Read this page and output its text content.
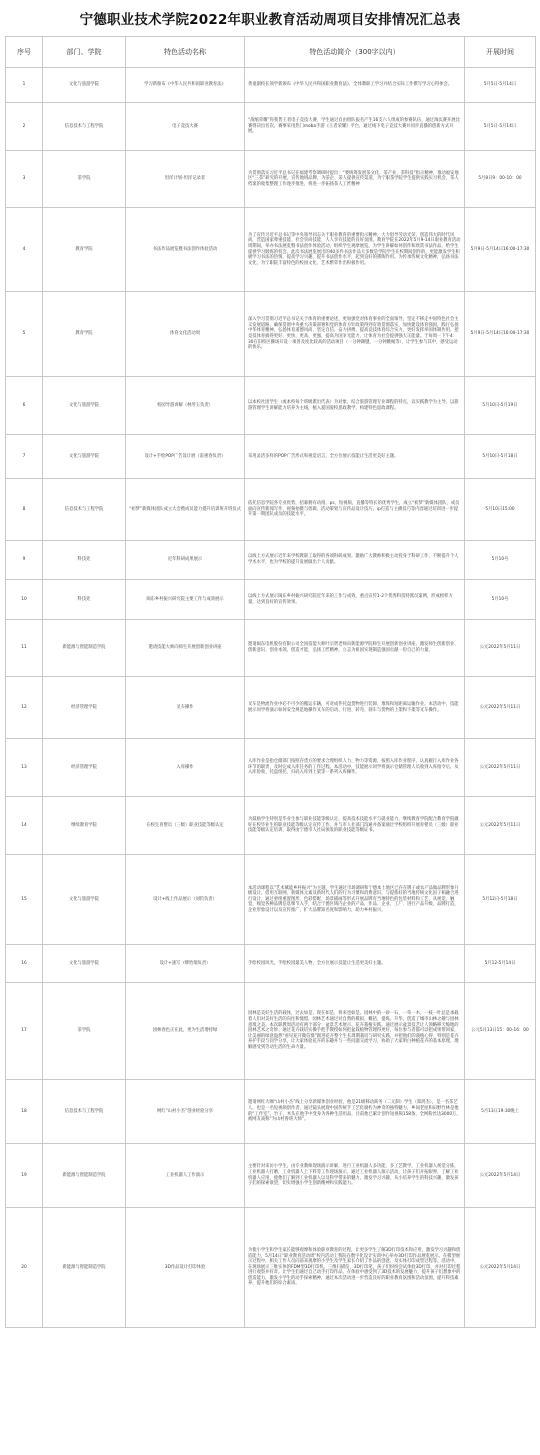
宁德职业技术学院2022年职业教育活动周项目安排情况汇总表
序号	部门、学院	特色活动名称	特色活动简介（300字以内）	开展时间
1	文化与旅游学院	学习新颁布《中华人民共和国职业教育法》	黄童副校长领学新颁布《中华人民共和国职业教育法》，全体教职工学习并结合实际工作撰写学习心得体会。	5月5日-5月14日
2	信息技术与工程学院	电子竞技大赛	“战缩荣耀”你我皆王者电子竞技大赛，学生通过自由组队报名产生16支六人组成的参赛队伍，通过淘汰赛开展比赛得决出名次。赛事采用热门moba手游《王者荣耀》平台，通过线下电子竞技大赛并同步直播的创新方式开展。	5月5日-5月14日
3	茶学院	坦洋计划-坦洋记录者	为贯彻落实习近平总书记在福建考察调研时提出：“要统筹发展茶文化、茶产业、茶科技”指示精神，推动福安地区“三茶”研究的开展，宣传地域品牌，为茶企、茶人提供宣传渠道，为宁职茶学院学生提供实践实习机会，茶人档案的收集整理工作逐步推进，将进一步拓扬茶人工匠精神	5月8日9：00-10：00
4	教育学院	书法作品展览暨书法创作体验活动	为了宣传习近平总书记等中央领导同志关于职业教育的重要指示精神，大力倡导劳动光荣、创造伟大的时代风尚，营造国家尊重技能、社会崇尚技能、人人享有技能的良好氛围。教育学院在2022年5月9-14日职业教育活动周期间，举办书法展览暨书法创作体验活动，组织学生观摩展览，为学生讲解如何创作和欣赏书法作品，给学生提供学习锻炼的机会。此次书法展览展出的40多件书法作品大多数是学院学生在校期间创作的，更能激发学生积极学习书法的热情，提高学习兴趣，提升书法创作水平，起到良好的熏陶作用。为传承传统文化精神，弘扬书法文化，为宁职院丰富特色的校园文化、艺术繁荣作出积极作用。	5月9日-5月14日16:00-17:30
5	教育学院	体育文化活动周	深入学习贯彻习近平总书记关于体育的重要论述，更加强党对体育事业的全面领导，坚定不移走中国特色社会主义发展道路，确保贯彻中央重大决策部署和党的体育方针政策得到有效贯彻落实，加快建设体育强国，践行弘扬中华体育精神，弘扬体育道德风尚，坚定自信，奋力拼搏，提高竞技体育综合实力，更好发挥举国体制作用，把竞技体育搞得更好、更快、更高、更强，提高为国争光能力，让体育为社会提供强大正能量。于每周一下午4：30在旧校区操场开设一项普及度比较高的活动项目（一分钟踢毽、一分钟跳绳等），让学生参与其中，感受运动的快乐。	5月9日-5月14日16:00-17:30
6	文化与旅游学院	校园导游讲解（林琴玉负责）	以本校社团学生（或本校每个班级派出代表）为对象，结合旅游管理专业课程的特点，以实践教学为主导，以旅游管理学生讲解能力培养为主线，植入爱国爱校思政教学，构建特色思政课程。	5月10日-5月19日
7	文化与旅游学院	设计+手绘POP广告设计展（雷惠春负责）	采用灵活多样的POP广告形式和视觉语言，全方位展示技能让生活更美好主题。	5月10日-5月18日
8	信息技术与工程学院	“初梦”新媒体团队成立大会暨成员能力提升培训班开班仪式	依托信息学院各专业优势，招募拥有动漫、ps、短视频、直播等特长的优秀学生，成立“初梦”新媒体团队，成员面向宣传新闻写作、视频拍摄与剪辑、活动策划与宣传品设计技巧、ip打造与主播技巧等内容通过培训进一步提升第一期团队成员的技能水平。	5月10日15:00
9	科技处	近年科研成果展示	以线上方式展示近年来学校教职工取得的各项科研成果。激励广大教师积极主动投身于科研工作，不断提升个人学术水平，也为学校的提升发展做出个人贡献。	5月10号
10	科技处	闽东乡村振兴研究院主要工作与成效展示	以线上方式展示闽东乡村振兴研究院近年来的工作与成效，重点宣传1-2个优秀科技特派员案例，形成榜样力量，达到良好的宣传效果。	5月10号
11	新能源与智能制造学院	邀请技能大师向师生开展创新创业讲座	邀请闽东电机股份有限公司全国技能大师叶宗贤老师向新能源学院师生开展创新创业讲座，激发师生创新创业、创新意识、创业本领，创造才能，弘扬工匠精神，立志为祖国实现制造强国贡献一份自己的力量。	公元2022年5月11日
12	经济管理学院	叉车操作	叉车是物流作业中必不可少的搬运车辆，可对成件托盘货物进行装卸、堆垛和短距离运输作业。本活动中，技能展示同学将演示如何安全规范地操作叉车的启动、行进、转弯、刹车与货物的上架和下架等叉车操作。	公元2022年5月11日
13	经济管理学院	入库操作	入库作业是指仓储部门按照存货方的要求合理组织人力、物力等资源，按照入库作业程序，认真履行入库作业各环节的职责，及时完成入库任务的工作过程。本活动中，技能展示同学将演示仓储管理人员收到入库指令后，从入库验收、托盘组托、扫码入库到上架等一系列入库操作。	公元2022年5月11日
14	继续教育学院	在校生育婴员（三级）职业技能等级认定	为鼓励学生特别是毕业生参与职业技能等级认定，提高技术技能水平与就业能力，继续教育学院配合教育学院做好在校毕业生的职业技能等级认定宣传工作，并与市人社部门沟通并备案通过学校组织开展育婴员（三级）职业技能等级认定培训，取得由宁德市人社局颁发的职业技能等级证书。	公元2022年5月11日
15	文化与旅游学院	设计+线上作品展示（刘钧负责）	本活动课程以“艺术赋能乡村振兴”为主题，学生通过市场调研和宁德本土地区已存在牌子或农产品做品牌形象升级设计，借用互联网、新媒体元素及新时代人们的行为习惯和消费意识，与提炼好的当地传统文化因子相融合进行设计，通过重组重置图形、色彩搭配、场景插画等形式开展品牌有当地特色的包装材料和工艺，从视觉、触觉、嗅觉各种品牌信息细节入手，结合宁德区域内企业的产品，作品、企业、工厂、进行产品升级，品牌打造，企业形象设计以及宣传推广，扩大品牌知名度和影响力，助力乡村振兴。	5月12日-5月18日
16	文化与旅游学院	设计+速写（缪怡瑞负责）	手绘校园风光，手绘校园最美人物，全方位展示技能让生活更美好主题。	5月12-5月14日
17	茶学院	园林春色正在此，更为生活增持绿	园林是美好生活的载体，过去如是，现在如是，将来也如是。园林中的一砂一石，一草一木，一枝一叶总是承载着人们对美好生活的向往和憧憬，园林艺术通过对自然的模拟、概括、提炼、升华，创造了城市山林之趣与园林意境之美。本次职教周活动有两个部分：盆景艺术展示、花卉栽植实践。通过展示盆景技艺让人领略移天缩地的园林艺术之奇妙；通过花卉栽培实操手把手教授如何把盆栽植物管理得更好，每位参与者都可以把成果带回家，让美丽的绿意盎然“看见花开微信群”跟进花卉整个生长周期栽培与研究实践，并把他们的栽植心得、特别是花卉养护手段与同学分享，让大家体验花卉的乐趣并与一些问题交流学习，协助了大家明白种植花卉的基本原理，理解感受到劳动生活的生命力量。	公元5月13日15：00-16：00
18	信息技术与工程学院	网红“山村小杰”创业经验分享	邀请网红大咖“山村小杰”线上分享新媒体创业经验，他是21级移动商务（二元制）学生（郑鸿杰），是一名茶艺人，也是一名短视频创作者，通过镜头展现中国传统手工艺化腐朽为神奇的独特魅力，乡间老屋和田野竹林是他的“工作室”，竹子、木头在他手中变身为各种生活用品，目前他已累计创作短视频158条，全网粉丝达3000万，被网友戏称“为山村鲁班大师”。	5月13日19:30晚上
19	新能源与智能制造学院	工业机器人工作演示	主要针对来访小学生，由专业教师现场演示讲解，进行工业机器人多功能、多工艺教学，工业机器人视觉分拣，工业机器人打磨，工业机器人上下料等工作现场演示，通过工业机器人演示活动，让孩子们开拓眼界，了解工业机器人应用，使他们了解到工业机器人以及科学带来的魅力，激发学习兴趣，从小培养学生的科技兴趣，激发孩子们的探索欲望，切实增强小学生创新精神和实践能力。	公元2022年5月14日
20	新能源与智能制造学院	3D作品设计打印体验	为使小学生和学生家长能够观摩和体验职业教育的过程，让更多学生了解3D打印技术和应用，激发学习兴趣和创造能力，5月14日“职业教育活动周”校内活动上我院在数字化设计实训中心举办3D打印作品展览展示。在模型展示过程中，相关工作人员向前来观摩的小学生及学生家长介绍了作品的创意，及实体打印成型过程等。活动中，在现场展示三维实体的FDM型3D打印机、三维扫描仪、3D打印笔，孩子们纷纷尝试体验3D打印，并对打印过程进行观察并好奇。让学生们通过自己动手打印作品，在体验中感受到了3D技术的发展魅力，提升孩子们想象中的创造能力，激发小学生的动手探索精神，通过本次活动进一步营造良好的职业教育氛围和活动氛围，提升科技素养，提升他们的综合素质。	公元2022年5月14日
